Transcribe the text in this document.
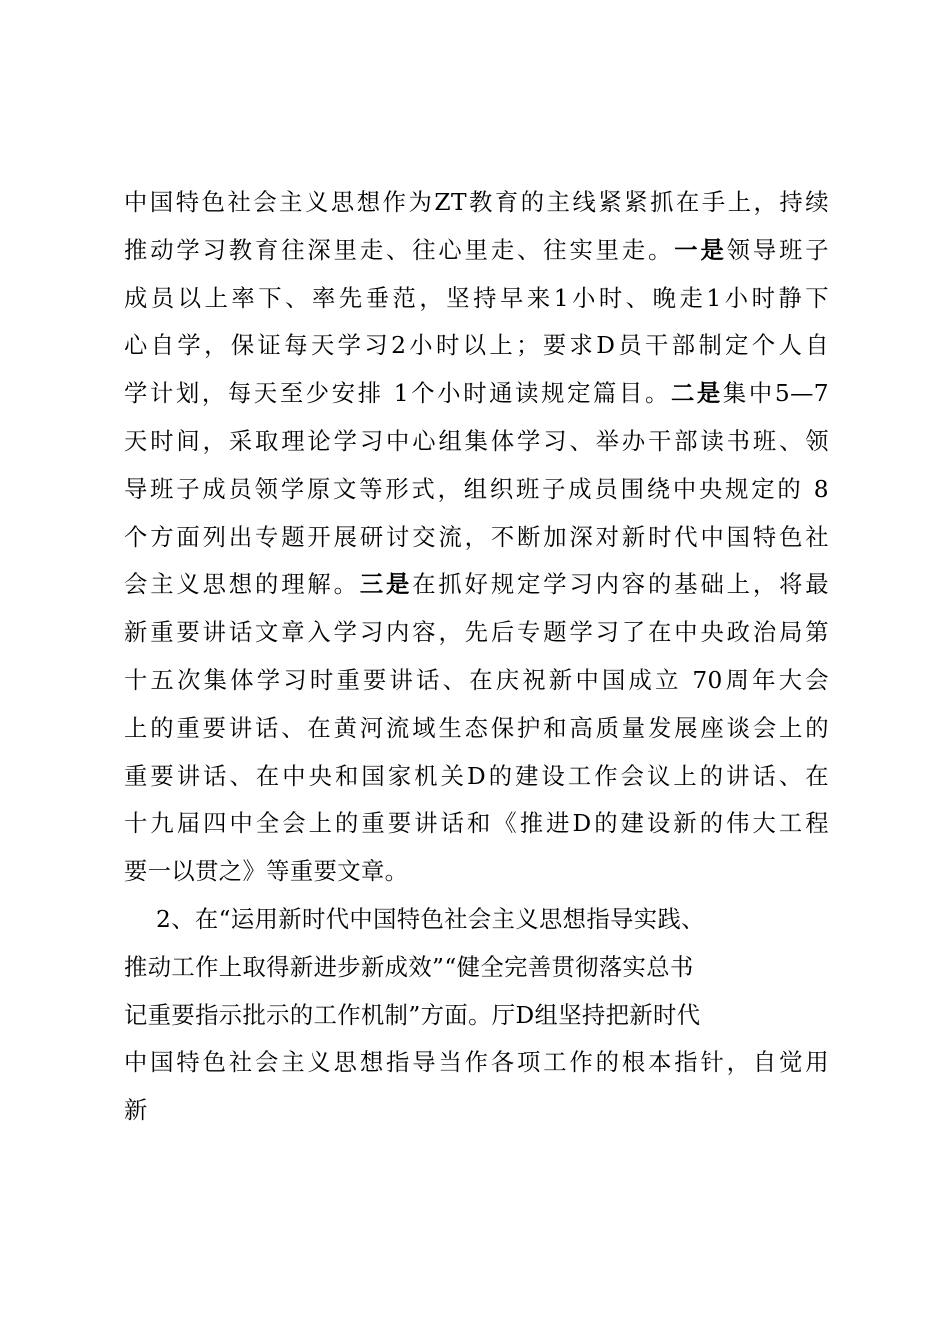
中国特色社会主义思想作为ZT教育的主线紧紧抓在手上，持续
推动学习教育往深里走、往心里走、往实里走。一是领导班子
成员以上率下、率先垂范，坚持早来1小时、晚走1小时静下
心自学，保证每天学习2小时以上；要求D员干部制定个人自
学计划，每天至少安排 1个小时通读规定篇目。二是集中5—7
天时间，采取理论学习中心组集体学习、举办干部读书班、领
导班子成员领学原文等形式，组织班子成员围绕中央规定的 8
个方面列出专题开展研讨交流，不断加深对新时代中国特色社
会主义思想的理解。三是在抓好规定学习内容的基础上，将最
新重要讲话文章入学习内容，先后专题学习了在中央政治局第
十五次集体学习时重要讲话、在庆祝新中国成立 70周年大会
上的重要讲话、在黄河流域生态保护和高质量发展座谈会上的
重要讲话、在中央和国家机关D的建设工作会议上的讲话、在
十九届四中全会上的重要讲话和《推进D的建设新的伟大工程
要一以贯之》等重要文章。
2、在“运用新时代中国特色社会主义思想指导实践、
推动工作上取得新进步新成效”“健全完善贯彻落实总书
记重要指示批示的工作机制”方面。厅D组坚持把新时代
中国特色社会主义思想指导当作各项工作的根本指针，自觉用
新
